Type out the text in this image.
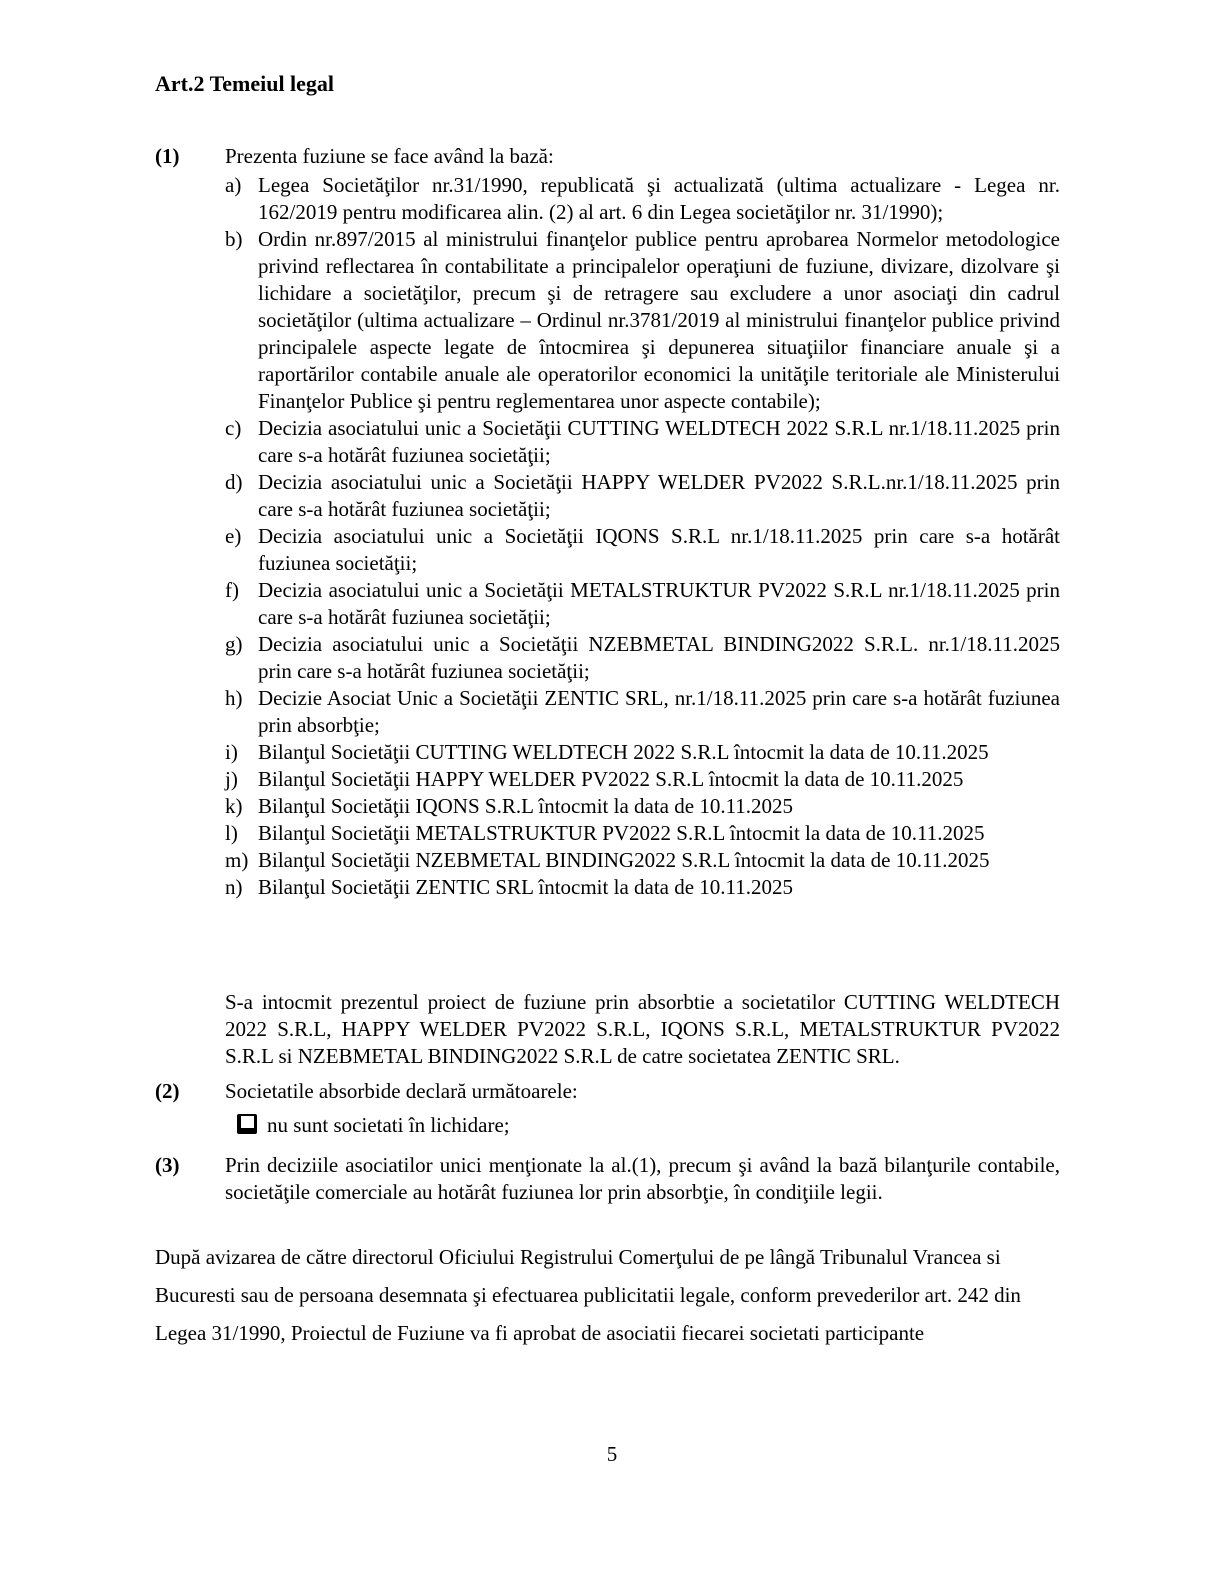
Art.2 Temeiul legal
(1)	Prezenta fuziune se face având la bază:
a) Legea Societăţilor nr.31/1990, republicată şi actualizată (ultima actualizare - Legea nr. 162/2019 pentru modificarea alin. (2) al art. 6 din Legea societăţilor nr. 31/1990);
b) Ordin nr.897/2015 al ministrului finanţelor publice pentru aprobarea Normelor metodologice privind reflectarea în contabilitate a principalelor operaţiuni de fuziune, divizare, dizolvare şi lichidare a societăţilor, precum şi de retragere sau excludere a unor asociaţi din cadrul societăţilor (ultima actualizare – Ordinul nr.3781/2019 al ministrului finanţelor publice privind principalele aspecte legate de întocmirea şi depunerea situaţiilor financiare anuale şi a raportărilor contabile anuale ale operatorilor economici la unităţile teritoriale ale Ministerului Finanţelor Publice şi pentru reglementarea unor aspecte contabile);
c) Decizia asociatului unic a Societăţii CUTTING WELDTECH 2022 S.R.L nr.1/18.11.2025 prin care s-a hotărât fuziunea societăţii;
d) Decizia asociatului unic a Societăţii HAPPY WELDER PV2022 S.R.L.nr.1/18.11.2025 prin care s-a hotărât fuziunea societăţii;
e) Decizia asociatului unic a Societăţii IQONS S.R.L nr.1/18.11.2025 prin care s-a hotărât fuziunea societăţii;
f) Decizia asociatului unic a Societăţii METALSTRUKTUR PV2022 S.R.L nr.1/18.11.2025 prin care s-a hotărât fuziunea societăţii;
g) Decizia asociatului unic a Societăţii NZEBMETAL BINDING2022 S.R.L. nr.1/18.11.2025 prin care s-a hotărât fuziunea societăţii;
h) Decizie Asociat Unic a Societăţii ZENTIC SRL, nr.1/18.11.2025 prin care s-a hotărât fuziunea prin absorbţie;
i) Bilanţul Societăţii CUTTING WELDTECH 2022 S.R.L întocmit la data de 10.11.2025
j) Bilanţul Societăţii HAPPY WELDER PV2022 S.R.L întocmit la data de 10.11.2025
k) Bilanţul Societăţii IQONS S.R.L întocmit la data de 10.11.2025
l) Bilanţul Societăţii METALSTRUKTUR PV2022 S.R.L întocmit la data de 10.11.2025
m) Bilanţul Societăţii NZEBMETAL BINDING2022 S.R.L întocmit la data de 10.11.2025
n) Bilanţul Societăţii ZENTIC SRL întocmit la data de 10.11.2025
S-a intocmit prezentul proiect de fuziune prin absorbtie a societatilor CUTTING WELDTECH 2022 S.R.L, HAPPY WELDER PV2022 S.R.L, IQONS S.R.L, METALSTRUKTUR PV2022 S.R.L si NZEBMETAL BINDING2022 S.R.L de catre societatea ZENTIC SRL.
(2)	Societatile absorbide declară următoarele:
nu sunt societati în lichidare;
(3)	Prin deciziile asociatilor unici menţionate la al.(1), precum şi având la bază bilanţurile contabile, societăţile comerciale au hotărât fuziunea lor prin absorbţie, în condiţiile legii.
După avizarea de către directorul Oficiului Registrului Comerţului de pe lângă Tribunalul Vrancea si Bucuresti sau de persoana desemnata şi efectuarea publicitatii legale, conform prevederilor art. 242 din Legea 31/1990, Proiectul de Fuziune va fi aprobat de asociatii fiecarei societati participante
5
